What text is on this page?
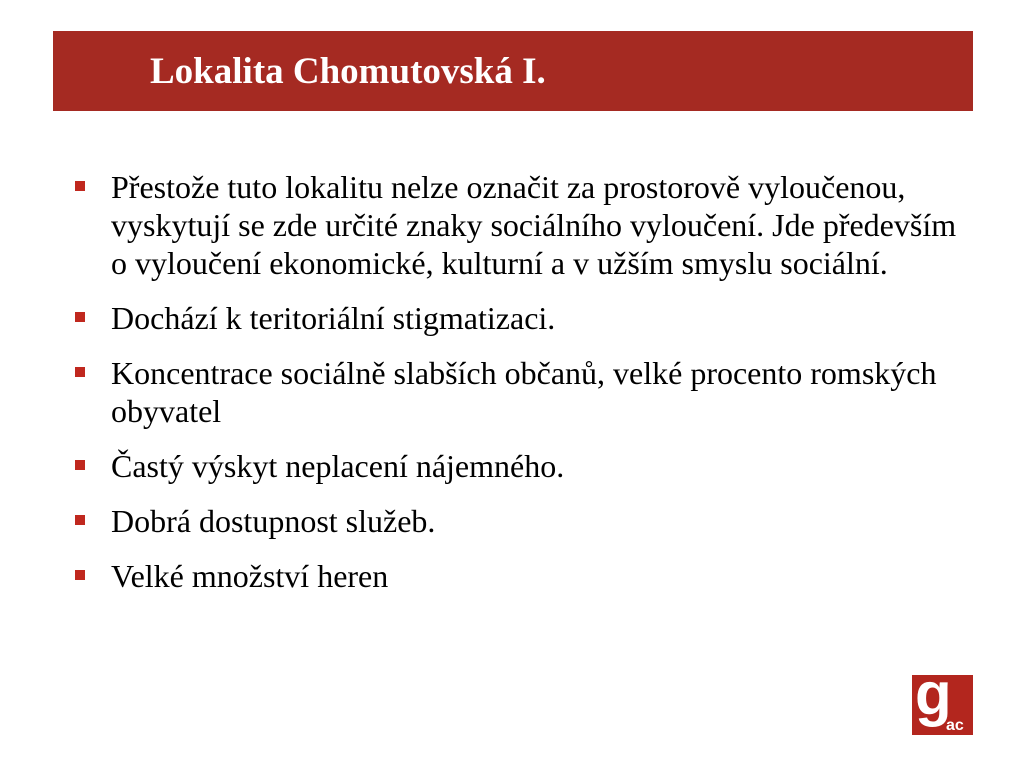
Lokalita Chomutovská I.
Přestože tuto lokalitu nelze označit za prostorově vyloučenou, vyskytují se zde určité znaky sociálního vyloučení. Jde především o vyloučení ekonomické, kulturní a v užším smyslu sociální.
Dochází k teritoriální stigmatizaci.
Koncentrace sociálně slabších občanů, velké procento romských obyvatel
Častý výskyt neplacení nájemného.
Dobrá dostupnost služeb.
Velké množství heren
g
ac
